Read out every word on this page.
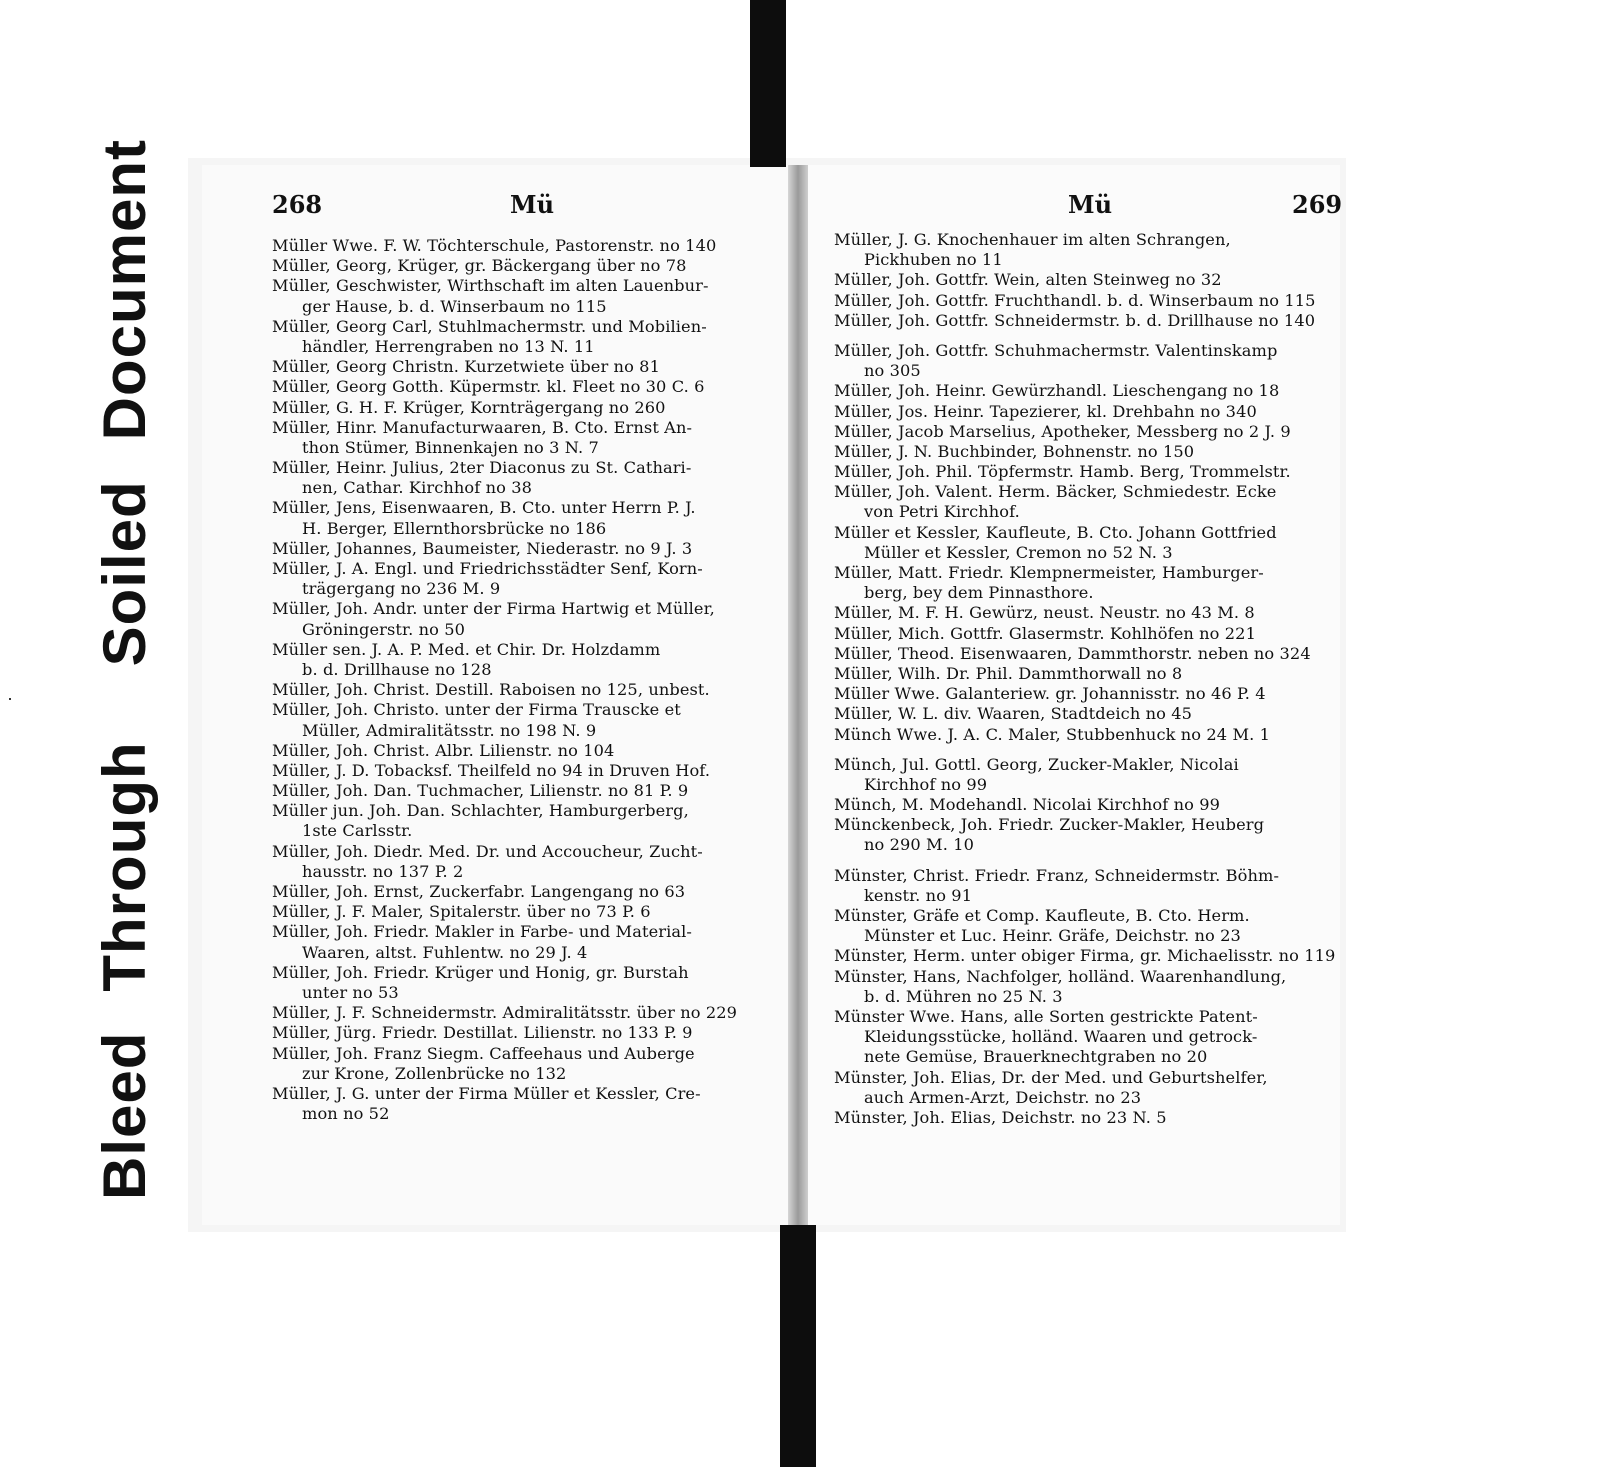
BleedThroughSoiledDocument	268	Mü	Mü	269
Müller Wwe. F. W. Töchterschule, Pastorenstr. no 140
Müller, Georg, Krüger, gr. Bäckergang über no 78
Müller, Geschwister, Wirthschaft im alten Lauenbur-
ger Hause, b. d. Winserbaum no 115
Müller, Georg Carl, Stuhlmachermstr. und Mobilien-
händler, Herrengraben no 13 N. 11
Müller, Georg Christn. Kurzetwiete über no 81
Müller, Georg Gotth. Küpermstr. kl. Fleet no 30 C. 6
Müller, G. H. F. Krüger, Kornträgergang no 260
Müller, Hinr. Manufacturwaaren, B. Cto. Ernst An-
thon Stümer, Binnenkajen no 3 N. 7
Müller, Heinr. Julius, 2ter Diaconus zu St. Cathari-
nen, Cathar. Kirchhof no 38
Müller, Jens, Eisenwaaren, B. Cto. unter Herrn P. J.
H. Berger, Ellernthorsbrücke no 186
Müller, Johannes, Baumeister, Niederastr. no 9 J. 3
Müller, J. A. Engl. und Friedrichsstädter Senf, Korn-
trägergang no 236 M. 9
Müller, Joh. Andr. unter der Firma Hartwig et Müller,
Gröningerstr. no 50
Müller sen. J. A. P. Med. et Chir. Dr. Holzdamm
b. d. Drillhause no 128
Müller, Joh. Christ. Destill. Raboisen no 125, unbest.
Müller, Joh. Christo. unter der Firma Trauscke et
Müller, Admiralitätsstr. no 198 N. 9
Müller, Joh. Christ. Albr. Lilienstr. no 104
Müller, J. D. Tobacksf. Theilfeld no 94 in Druven Hof.
Müller, Joh. Dan. Tuchmacher, Lilienstr. no 81 P. 9
Müller jun. Joh. Dan. Schlachter, Hamburgerberg,
1ste Carlsstr.
Müller, Joh. Diedr. Med. Dr. und Accoucheur, Zucht-
hausstr. no 137 P. 2
Müller, Joh. Ernst, Zuckerfabr. Langengang no 63
Müller, J. F. Maler, Spitalerstr. über no 73 P. 6
Müller, Joh. Friedr. Makler in Farbe- und Material-
Waaren, altst. Fuhlentw. no 29 J. 4
Müller, Joh. Friedr. Krüger und Honig, gr. Burstah
unter no 53
Müller, J. F. Schneidermstr. Admiralitätsstr. über no 229
Müller, Jürg. Friedr. Destillat. Lilienstr. no 133 P. 9
Müller, Joh. Franz Siegm. Caffeehaus und Auberge
zur Krone, Zollenbrücke no 132
Müller, J. G. unter der Firma Müller et Kessler, Cre-
mon no 52
Müller, J. G. Knochenhauer im alten Schrangen,
Pickhuben no 11
Müller, Joh. Gottfr. Wein, alten Steinweg no 32
Müller, Joh. Gottfr. Fruchthandl. b. d. Winserbaum no 115
Müller, Joh. Gottfr. Schneidermstr. b. d. Drillhause no 140
Müller, Joh. Gottfr. Schuhmachermstr. Valentinskamp
no 305
Müller, Joh. Heinr. Gewürzhandl. Lieschengang no 18
Müller, Jos. Heinr. Tapezierer, kl. Drehbahn no 340
Müller, Jacob Marselius, Apotheker, Messberg no 2 J. 9
Müller, J. N. Buchbinder, Bohnenstr. no 150
Müller, Joh. Phil. Töpfermstr. Hamb. Berg, Trommelstr.
Müller, Joh. Valent. Herm. Bäcker, Schmiedestr. Ecke
von Petri Kirchhof.
Müller et Kessler, Kaufleute, B. Cto. Johann Gottfried
Müller et Kessler, Cremon no 52 N. 3
Müller, Matt. Friedr. Klempnermeister, Hamburger-
berg, bey dem Pinnasthore.
Müller, M. F. H. Gewürz, neust. Neustr. no 43 M. 8
Müller, Mich. Gottfr. Glasermstr. Kohlhöfen no 221
Müller, Theod. Eisenwaaren, Dammthorstr. neben no 324
Müller, Wilh. Dr. Phil. Dammthorwall no 8
Müller Wwe. Galanteriew. gr. Johannisstr. no 46 P. 4
Müller, W. L. div. Waaren, Stadtdeich no 45
Münch Wwe. J. A. C. Maler, Stubbenhuck no 24 M. 1
Münch, Jul. Gottl. Georg, Zucker-Makler, Nicolai
Kirchhof no 99
Münch, M. Modehandl. Nicolai Kirchhof no 99
Münckenbeck, Joh. Friedr. Zucker-Makler, Heuberg
no 290 M. 10
Münster, Christ. Friedr. Franz, Schneidermstr. Böhm-
kenstr. no 91
Münster, Gräfe et Comp. Kaufleute, B. Cto. Herm.
Münster et Luc. Heinr. Gräfe, Deichstr. no 23
Münster, Herm. unter obiger Firma, gr. Michaelisstr. no 119
Münster, Hans, Nachfolger, holländ. Waarenhandlung,
b. d. Mühren no 25 N. 3
Münster Wwe. Hans, alle Sorten gestrickte Patent-
Kleidungsstücke, holländ. Waaren und getrock-
nete Gemüse, Brauerknechtgraben no 20
Münster, Joh. Elias, Dr. der Med. und Geburtshelfer,
auch Armen-Arzt, Deichstr. no 23
Münster, Joh. Elias, Deichstr. no 23 N. 5
